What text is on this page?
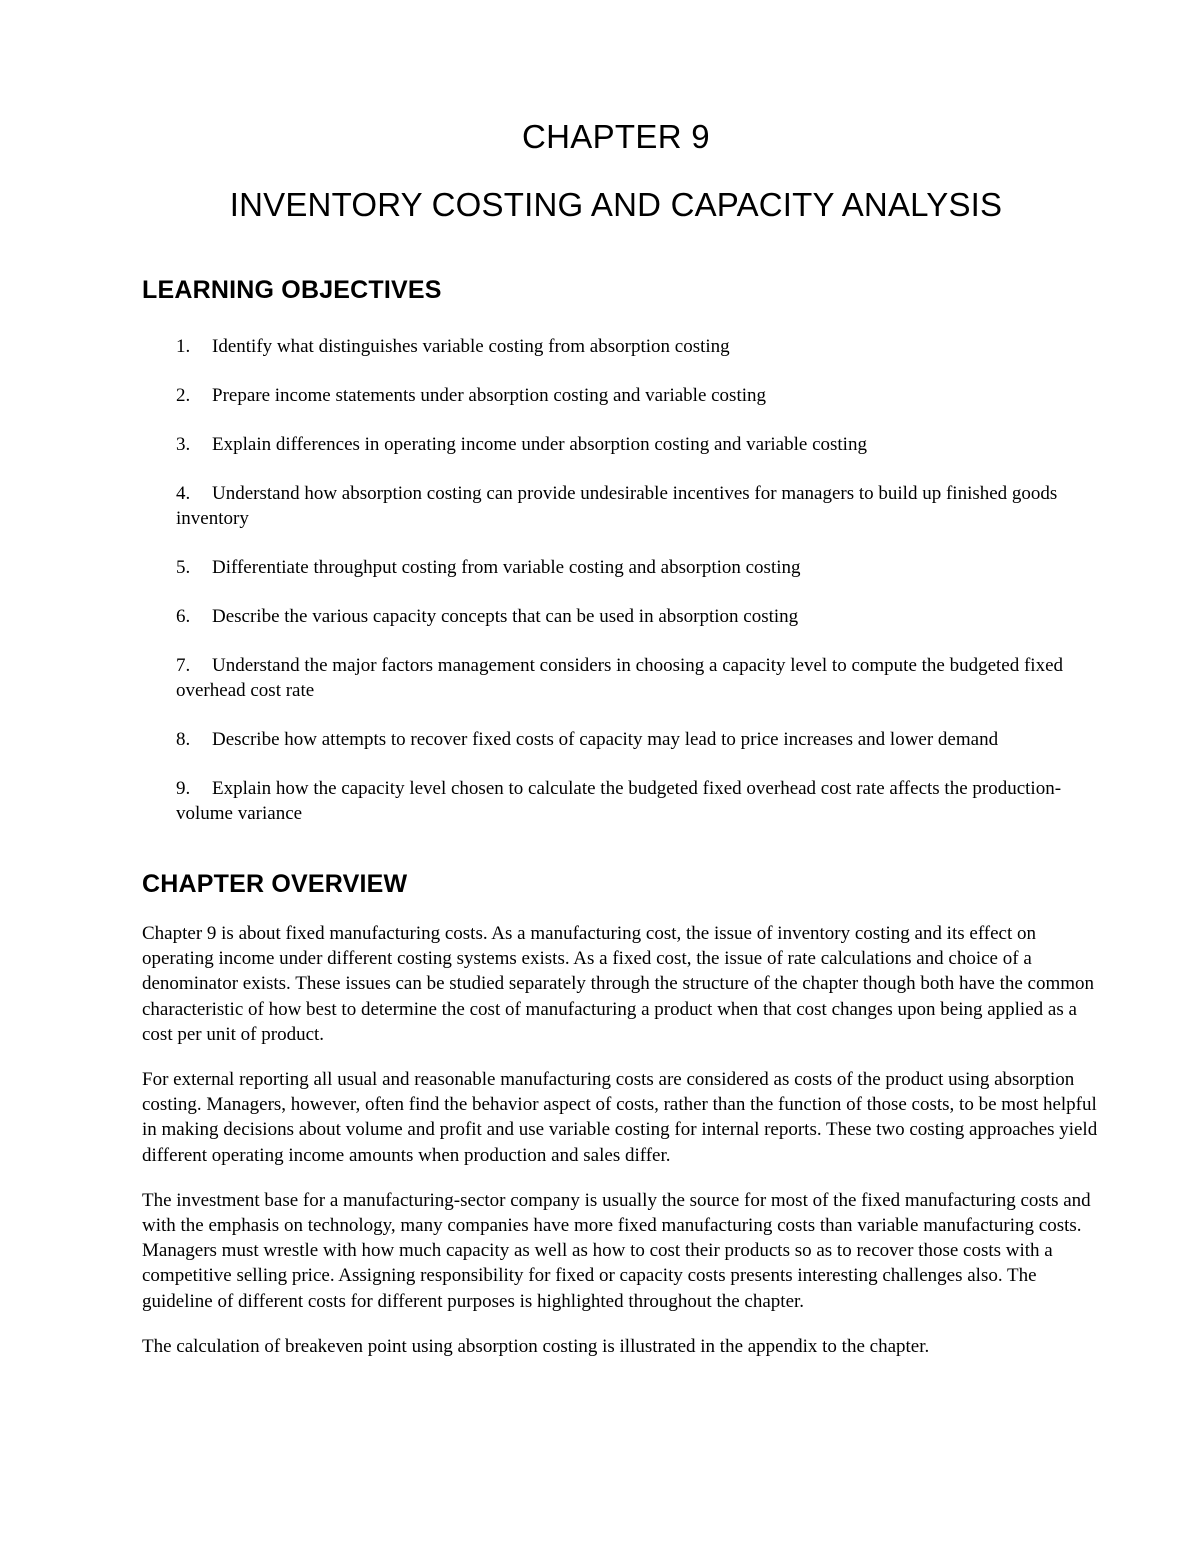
CHAPTER 9
INVENTORY COSTING AND CAPACITY ANALYSIS
LEARNING OBJECTIVES
1. Identify what distinguishes variable costing from absorption costing
2. Prepare income statements under absorption costing and variable costing
3. Explain differences in operating income under absorption costing and variable costing
4. Understand how absorption costing can provide undesirable incentives for managers to build up finished goods inventory
5. Differentiate throughput costing from variable costing and absorption costing
6. Describe the various capacity concepts that can be used in absorption costing
7. Understand the major factors management considers in choosing a capacity level to compute the budgeted fixed overhead cost rate
8. Describe how attempts to recover fixed costs of capacity may lead to price increases and lower demand
9. Explain how the capacity level chosen to calculate the budgeted fixed overhead cost rate affects the production-volume variance
CHAPTER OVERVIEW

Chapter 9 is about fixed manufacturing costs. As a manufacturing cost, the issue of inventory costing and its effect on operating income under different costing systems exists. As a fixed cost, the issue of rate calculations and choice of a denominator exists. These issues can be studied separately through the structure of the chapter though both have the common characteristic of how best to determine the cost of manufacturing a product when that cost changes upon being applied as a cost per unit of product.

For external reporting all usual and reasonable manufacturing costs are considered as costs of the product using absorption costing. Managers, however, often find the behavior aspect of costs, rather than the function of those costs, to be most helpful in making decisions about volume and profit and use variable costing for internal reports. These two costing approaches yield different operating income amounts when production and sales differ.

The investment base for a manufacturing-sector company is usually the source for most of the fixed manufacturing costs and with the emphasis on technology, many companies have more fixed manufacturing costs than variable manufacturing costs. Managers must wrestle with how much capacity as well as how to cost their products so as to recover those costs with a competitive selling price. Assigning responsibility for fixed or capacity costs presents interesting challenges also. The guideline of different costs for different purposes is highlighted throughout the chapter.

The calculation of breakeven point using absorption costing is illustrated in the appendix to the chapter.
